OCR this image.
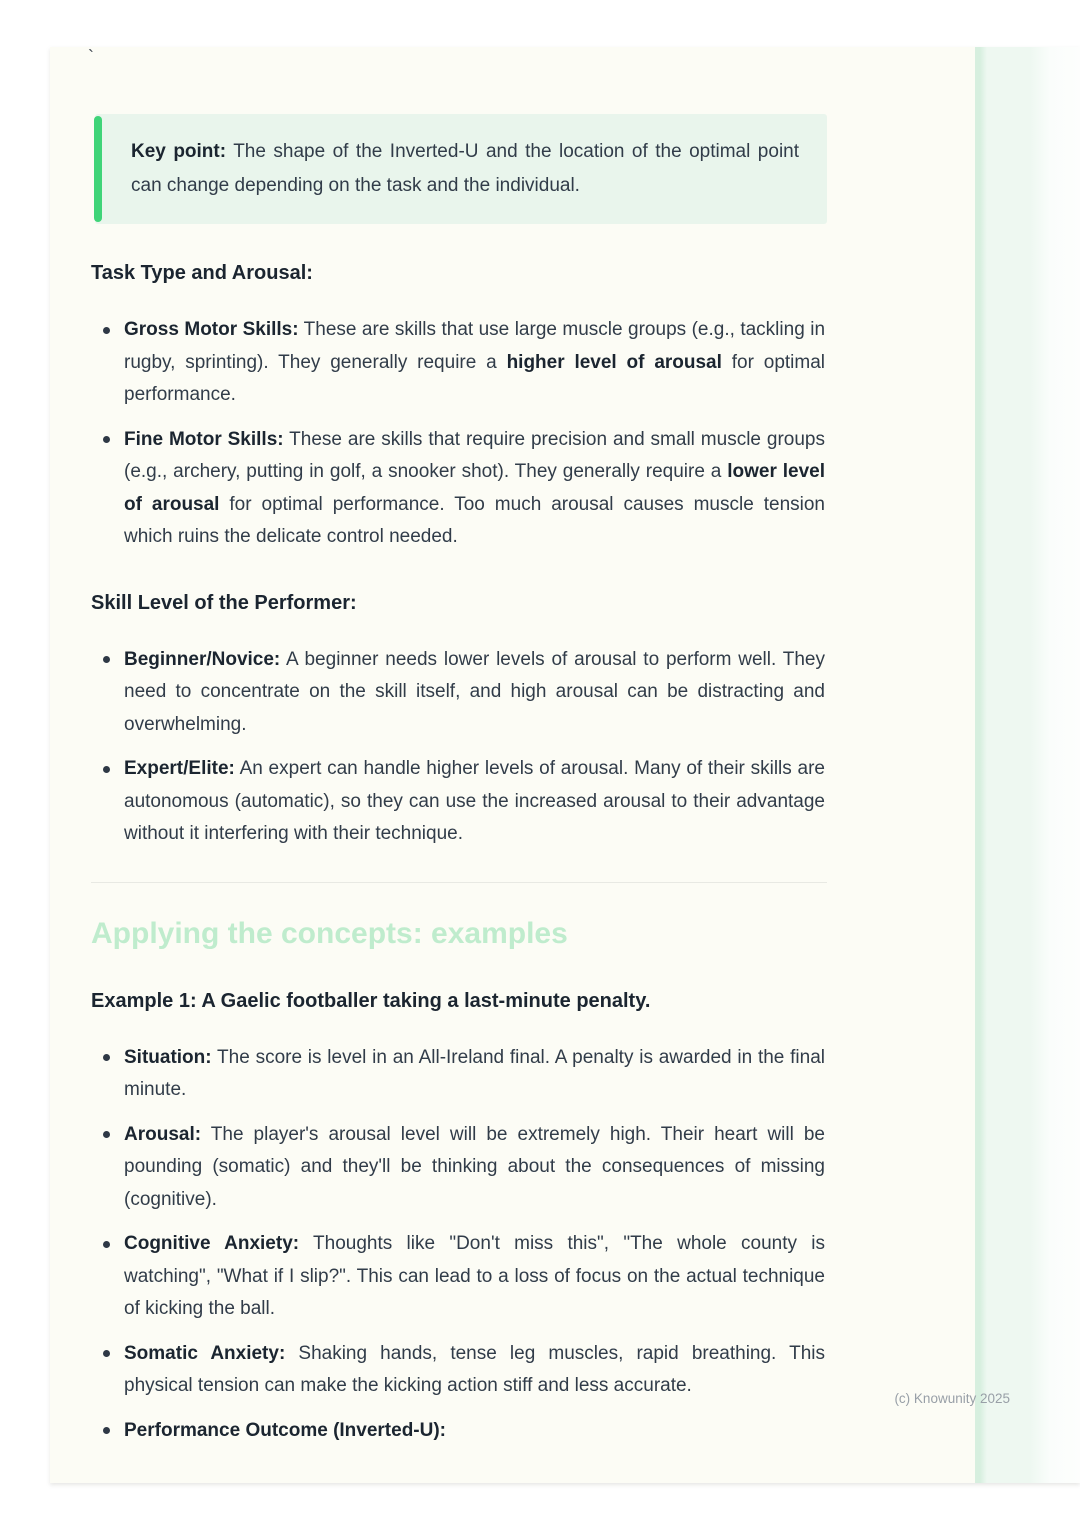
`
Key point: The shape of the Inverted-U and the location of the optimal point can change depending on the task and the individual.
Task Type and Arousal:
Gross Motor Skills: These are skills that use large muscle groups (e.g., tackling in rugby, sprinting). They generally require a higher level of arousal for optimal performance.
Fine Motor Skills: These are skills that require precision and small muscle groups (e.g., archery, putting in golf, a snooker shot). They generally require a lower level of arousal for optimal performance. Too much arousal causes muscle tension which ruins the delicate control needed.
Skill Level of the Performer:
Beginner/Novice: A beginner needs lower levels of arousal to perform well. They need to concentrate on the skill itself, and high arousal can be distracting and overwhelming.
Expert/Elite: An expert can handle higher levels of arousal. Many of their skills are autonomous (automatic), so they can use the increased arousal to their advantage without it interfering with their technique.
Applying the concepts: examples
Example 1: A Gaelic footballer taking a last-minute penalty.
Situation: The score is level in an All-Ireland final. A penalty is awarded in the final minute.
Arousal: The player's arousal level will be extremely high. Their heart will be pounding (somatic) and they'll be thinking about the consequences of missing (cognitive).
Cognitive Anxiety: Thoughts like "Don't miss this", "The whole county is watching", "What if I slip?". This can lead to a loss of focus on the actual technique of kicking the ball.
Somatic Anxiety: Shaking hands, tense leg muscles, rapid breathing. This physical tension can make the kicking action stiff and less accurate.
Performance Outcome (Inverted-U):
(c) Knowunity 2025
